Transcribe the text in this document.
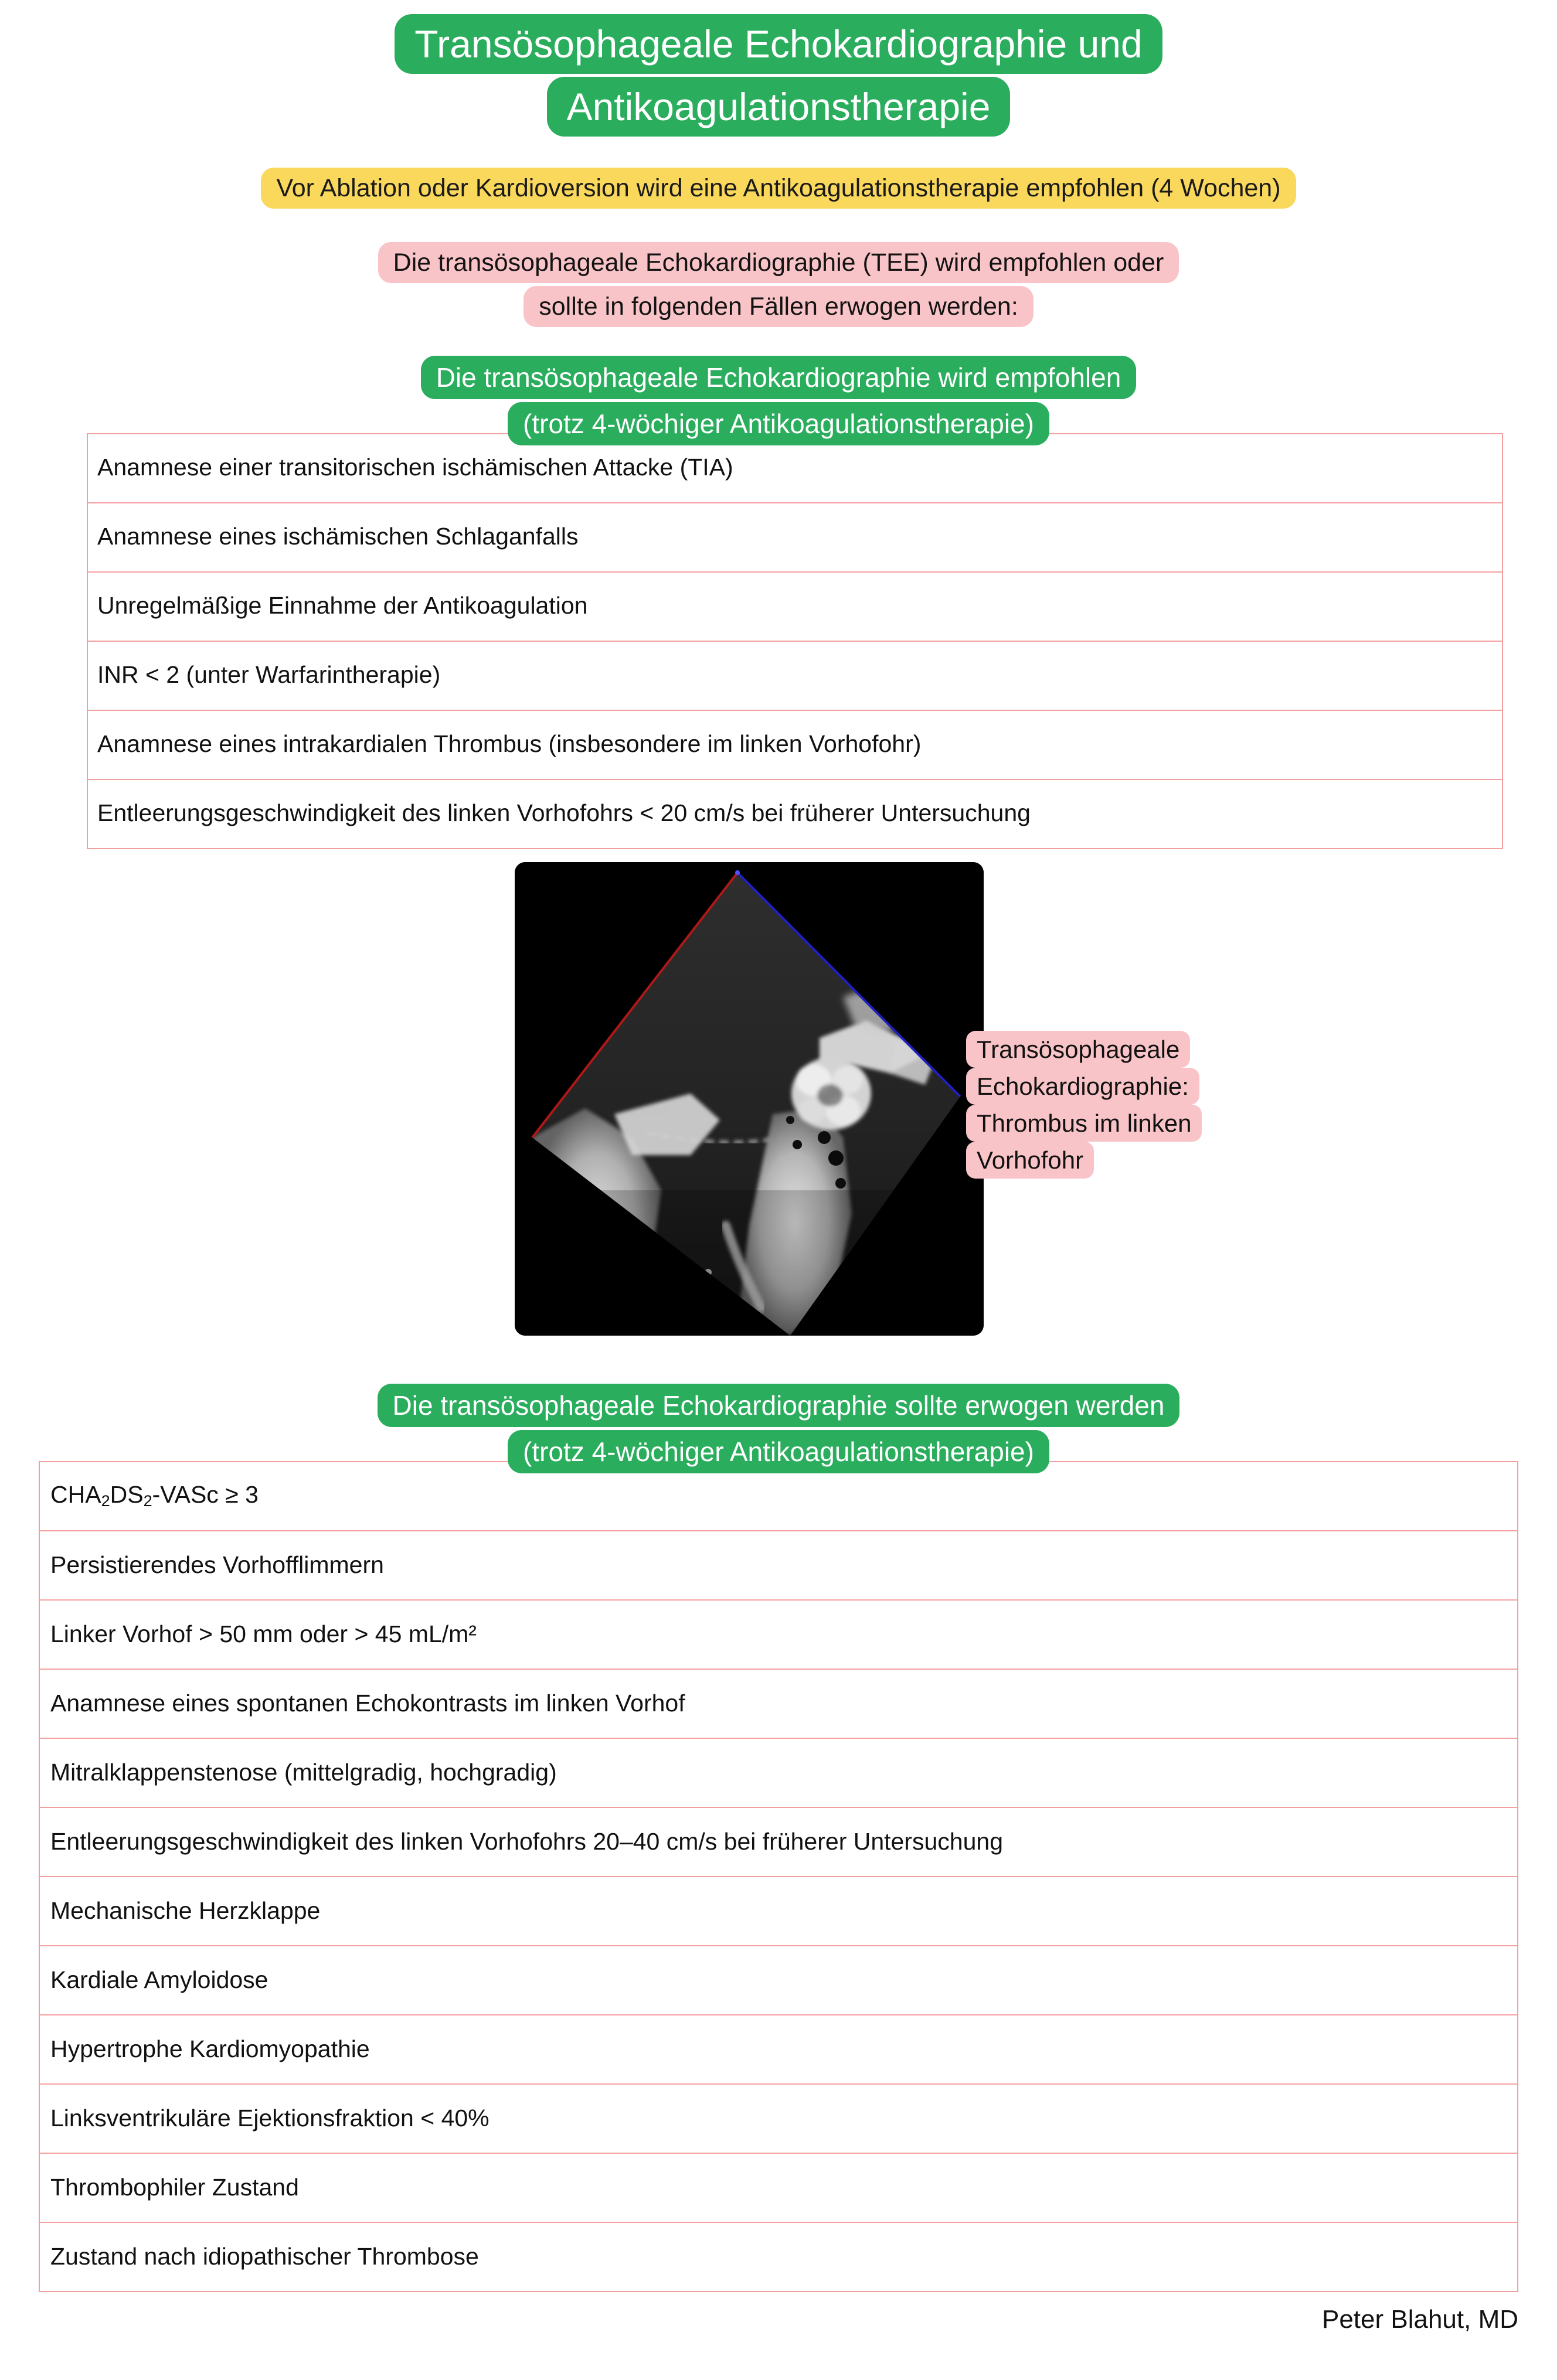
Transösophageale Echokardiographie und
Antikoagulationstherapie
Vor Ablation oder Kardioversion wird eine Antikoagulationstherapie empfohlen (4 Wochen)
Die transösophageale Echokardiographie (TEE) wird empfohlen oder
sollte in folgenden Fällen erwogen werden:
Die transösophageale Echokardiographie wird empfohlen
(trotz 4-wöchiger Antikoagulationstherapie)
Anamnese einer transitorischen ischämischen Attacke (TIA)
Anamnese eines ischämischen Schlaganfalls
Unregelmäßige Einnahme der Antikoagulation
INR < 2 (unter Warfarintherapie)
Anamnese eines intrakardialen Thrombus (insbesondere im linken Vorhofohr)
Entleerungsgeschwindigkeit des linken Vorhofohrs < 20 cm/s bei früherer Untersuchung
Transösophageale
Echokardiographie:
Thrombus im linken
Vorhofohr
Die transösophageale Echokardiographie sollte erwogen werden
(trotz 4-wöchiger Antikoagulationstherapie)
$CHA_2DS_2$-VASc ≥ 3
Persistierendes Vorhofflimmern
Linker Vorhof > 50 mm oder > 45 mL/m²
Anamnese eines spontanen Echokontrasts im linken Vorhof
Mitralklappenstenose (mittelgradig, hochgradig)
Entleerungsgeschwindigkeit des linken Vorhofohrs 20–40 cm/s bei früherer Untersuchung
Mechanische Herzklappe
Kardiale Amyloidose
Hypertrophe Kardiomyopathie
Linksventrikuläre Ejektionsfraktion < 40%
Thrombophiler Zustand
Zustand nach idiopathischer Thrombose
Peter Blahut, MD
